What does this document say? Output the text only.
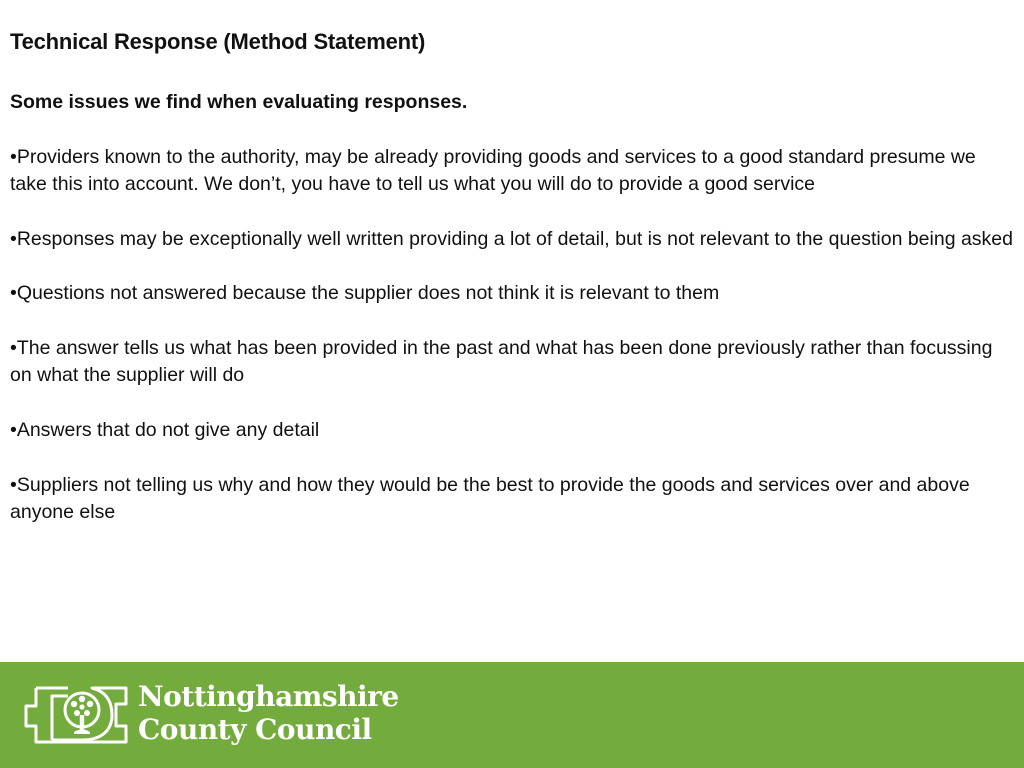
Technical Response (Method Statement)
Some issues we find when evaluating responses.

•Providers known to the authority, may be already providing goods and services to a good standard presume we take this into account. We don’t, you have to tell us what you will do to provide a good service

•Responses may be exceptionally well written providing a lot of detail, but is not relevant to the question being asked

•Questions not answered because the supplier does not think it is relevant to them

•The answer tells us what has been provided in the past and what has been done previously rather than focussing on what the supplier will do

•Answers that do not give any detail

•Suppliers not telling us why and how they would be the best to provide the goods and services over and above anyone else

Nottinghamshire
County Council
